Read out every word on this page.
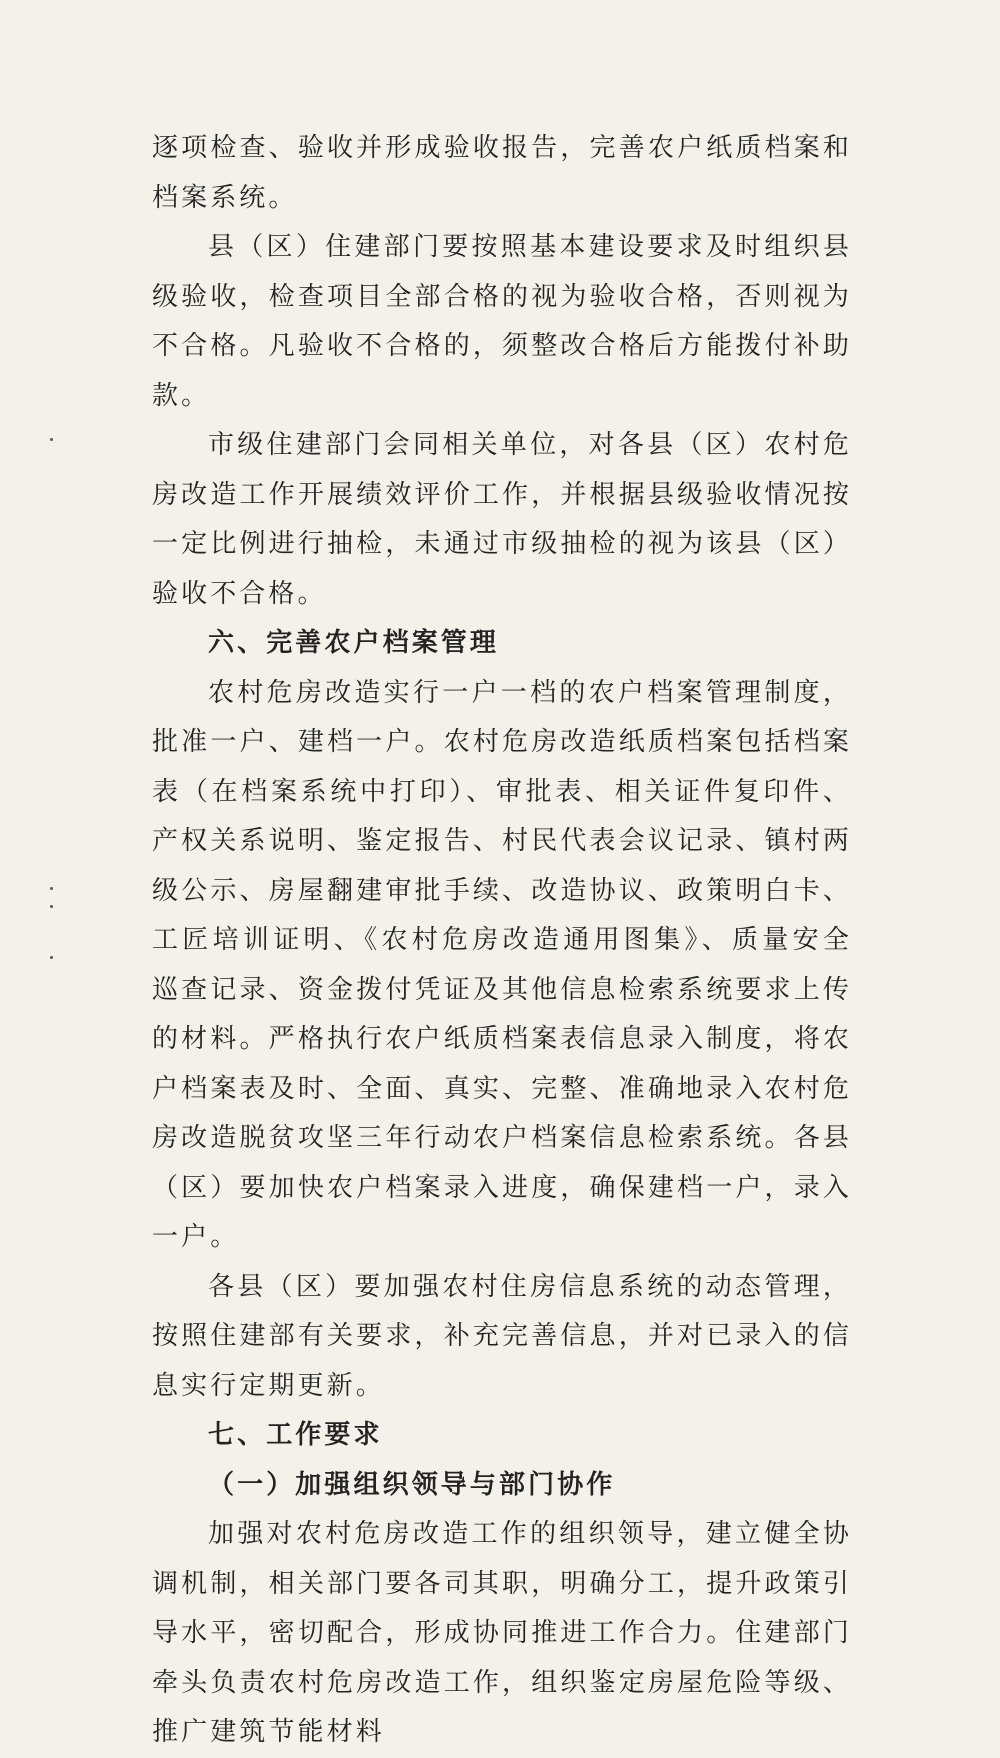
逐项检查、验收并形成验收报告，完善农户纸质档案和档案系统。

县（区）住建部门要按照基本建设要求及时组织县级验收，检查项目全部合格的视为验收合格，否则视为不合格。凡验收不合格的，须整改合格后方能拨付补助款。

市级住建部门会同相关单位，对各县（区）农村危房改造工作开展绩效评价工作，并根据县级验收情况按一定比例进行抽检，未通过市级抽检的视为该县（区）验收不合格。

六、完善农户档案管理

农村危房改造实行一户一档的农户档案管理制度，批准一户、建档一户。农村危房改造纸质档案包括档案表（在档案系统中打印）、审批表、相关证件复印件、产权关系说明、鉴定报告、村民代表会议记录、镇村两级公示、房屋翻建审批手续、改造协议、政策明白卡、工匠培训证明、《农村危房改造通用图集》、质量安全巡查记录、资金拨付凭证及其他信息检索系统要求上传的材料。严格执行农户纸质档案表信息录入制度，将农户档案表及时、全面、真实、完整、准确地录入农村危房改造脱贫攻坚三年行动农户档案信息检索系统。各县（区）要加快农户档案录入进度，确保建档一户，录入一户。

各县（区）要加强农村住房信息系统的动态管理，按照住建部有关要求，补充完善信息，并对已录入的信息实行定期更新。

七、工作要求

（一）加强组织领导与部门协作

加强对农村危房改造工作的组织领导，建立健全协调机制，相关部门要各司其职，明确分工，提升政策引导水平，密切配合，形成协同推进工作合力。住建部门牵头负责农村危房改造工作，组织鉴定房屋危险等级、推广建筑节能材料
